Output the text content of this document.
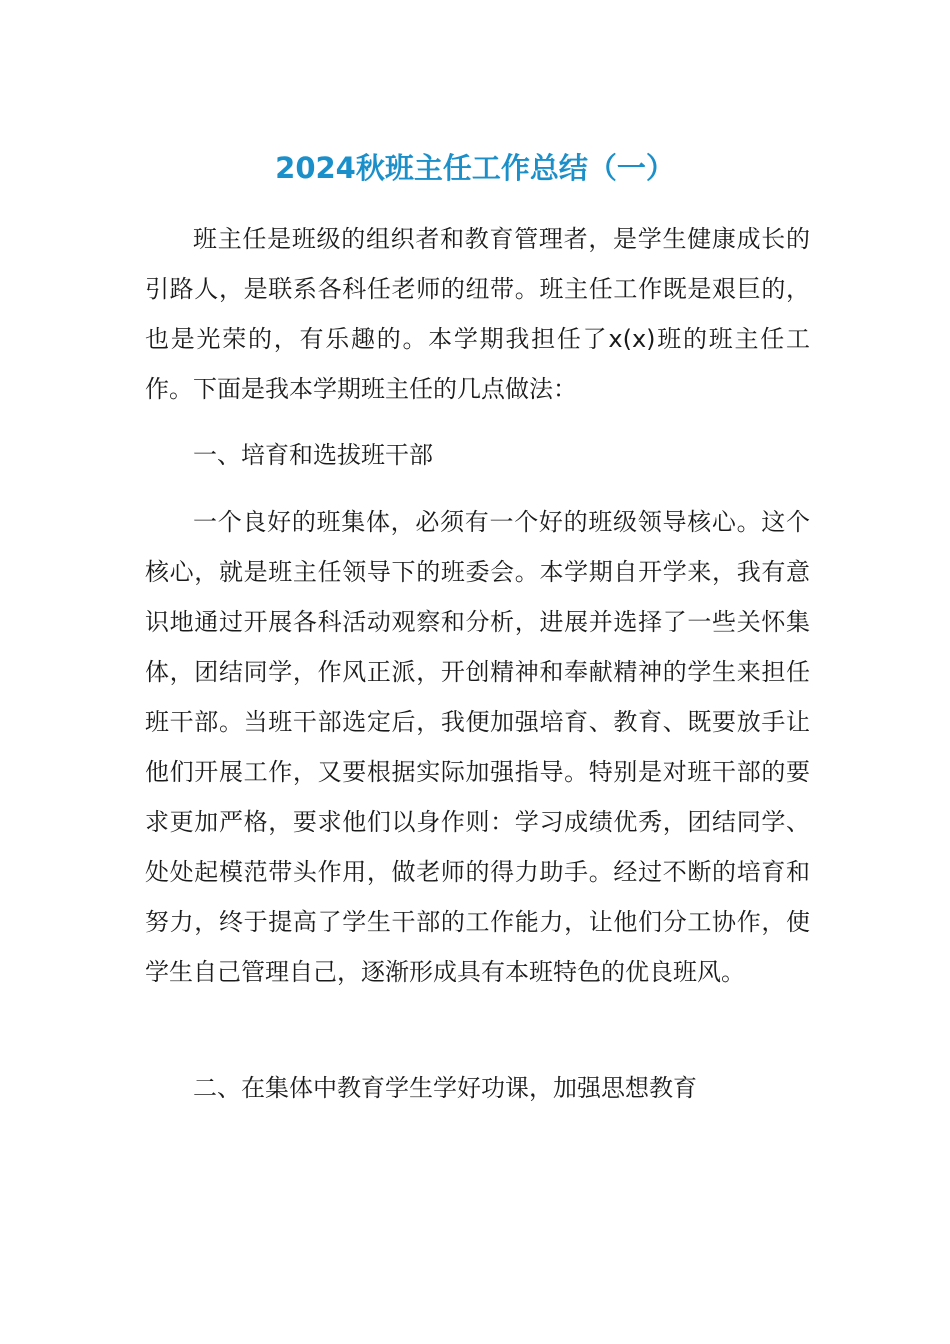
2024秋班主任工作总结（一）

班主任是班级的组织者和教育管理者，是学生健康成长的引路人，是联系各科任老师的纽带。班主任工作既是艰巨的，也是光荣的，有乐趣的。本学期我担任了x(x)班的班主任工作。下面是我本学期班主任的几点做法：

一、培育和选拔班干部

一个良好的班集体，必须有一个好的班级领导核心。这个核心，就是班主任领导下的班委会。本学期自开学来，我有意识地通过开展各科活动观察和分析，进展并选择了一些关怀集体，团结同学，作风正派，开创精神和奉献精神的学生来担任班干部。当班干部选定后，我便加强培育、教育、既要放手让他们开展工作，又要根据实际加强指导。特别是对班干部的要求更加严格，要求他们以身作则：学习成绩优秀，团结同学、处处起模范带头作用，做老师的得力助手。经过不断的培育和努力，终于提高了学生干部的工作能力，让他们分工协作，使学生自己管理自己，逐渐形成具有本班特色的优良班风。

二、在集体中教育学生学好功课，加强思想教育
